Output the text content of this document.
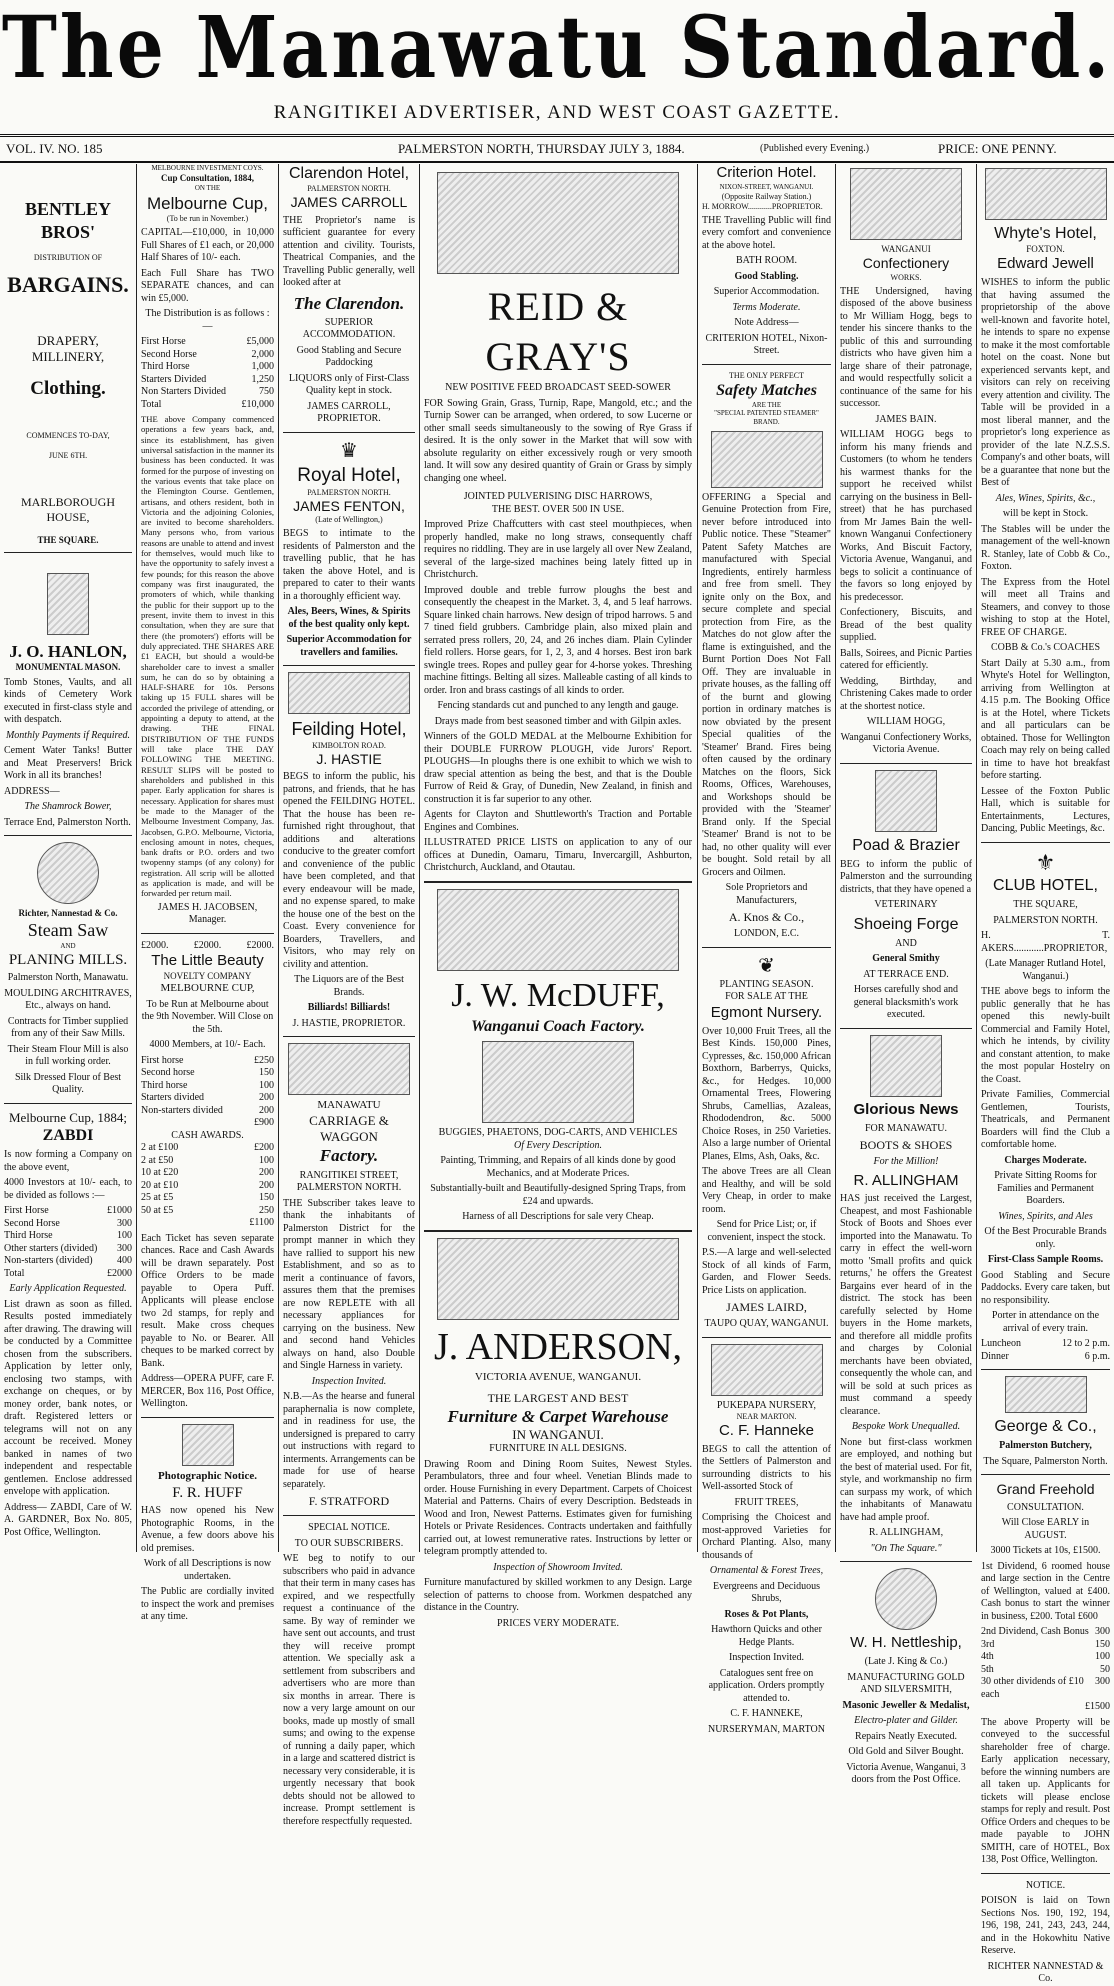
The Manawatu Standard.
RANGITIKEI ADVERTISER, AND WEST COAST GAZETTE.
VOL. IV. NO. 185	PALMERSTON NORTH, THURSDAY JULY 3, 1884.	(Published every Evening.)	PRICE: ONE PENNY.
BENTLEY BROS'
DISTRIBUTION OF
BARGAINS.
DRAPERY, MILLINERY,
Clothing.
COMMENCES TO-DAY,
JUNE 6TH.
MARLBOROUGH HOUSE,
THE SQUARE.
J. O. HANLON,
MONUMENTAL MASON.

Tomb Stones, Vaults, and all kinds of Cemetery Work executed in first-class style and with despatch.

Monthly Payments if Required.

Cement Water Tanks! Butter and Meat Preservers! Brick Work in all its branches!

ADDRESS—

The Shamrock Bower,

Terrace End, Palmerston North.

Richter, Nannestad & Co.
Steam Saw
AND
PLANING MILLS.

Palmerston North, Manawatu.

MOULDING ARCHITRAVES, Etc., always on hand.

Contracts for Timber supplied from any of their Saw Mills.

Their Steam Flour Mill is also in full working order.

Silk Dressed Flour of Best Quality.

Melbourne Cup, 1884;
ZABDI

Is now forming a Company on the above event,

4000 Investors at 10/- each, to be divided as follows :—

First Horse	£1000
Second Horse	300
Third Horse	100
Other starters (divided) 300
Non-starters (divided) 400
Total	£2000

Early Application Requested.

List drawn as soon as filled. Results posted immediately after drawing. The drawing will be conducted by a Committee chosen from the subscribers. Application by letter only, enclosing two stamps, with exchange on cheques, or by money order, bank notes, or draft. Registered letters or telegrams will not on any account be received. Money banked in names of two independent and respectable gentlemen. Enclose addressed envelope with application.

Address— ZABDI, Care of W. A. GARDNER, Box No. 805, Post Office, Wellington.

MELBOURNE INVESTMENT COYS.
Cup Consultation, 1884,
ON THE
Melbourne Cup,
(To be run in November.)

CAPITAL—£10,000, in 10,000 Full Shares of £1 each, or 20,000 Half Shares of 10/- each.

Each Full Share has TWO SEPARATE chances, and can win £5,000.

The Distribution is as follows :—

First Horse	£5,000
Second Horse	2,000
Third Horse	1,000
Starters Divided	1,250
Non Starters Divided	750
Total	£10,000

THE above Company commenced operations a few years back, and, since its establishment, has given universal satisfaction in the manner its business has been conducted. It was formed for the purpose of investing on the various events that take place on the Flemington Course. Gentlemen, artisans, and others resident, both in Victoria and the adjoining Colonies, are invited to become shareholders. Many persons who, from various reasons are unable to attend and invest for themselves, would much like to have the opportunity to safely invest a few pounds; for this reason the above company was first inaugurated, the promoters of which, while thanking the public for their support up to the present, invite them to invest in this consultation, when they are sure that there (the promoters') efforts will be duly appreciated. THE SHARES ARE £1 EACH, but should a would-be shareholder care to invest a smaller sum, he can do so by obtaining a HALF-SHARE for 10s. Persons taking up 15 FULL shares will be accorded the privilege of attending, or appointing a deputy to attend, at the drawing. THE FINAL DISTRIBUTION OF THE FUNDS will take place THE DAY FOLLOWING THE MEETING. RESULT SLIPS will be posted to shareholders and published in this paper. Early application for shares is necessary. Application for shares must be made to the Manager of the Melbourne Investment Company, Jas. Jacobsen, G.P.O. Melbourne, Victoria, enclosing amount in notes, cheques, bank drafts or P.O. orders and two twopenny stamps (of any colony) for registration. All scrip will be allotted as application is made, and will be forwarded per return mail.

JAMES H. JACOBSEN, Manager.

£2000.	£2000.	£2000.
The Little Beauty
NOVELTY COMPANY
MELBOURNE CUP,

To be Run at Melbourne about the 9th November. Will Close on the 5th.

4000 Members, at 10/- Each.

First horse	£250
Second horse	150
Third horse	100
Starters divided	200
Non-starters divided	200
£900
CASH AWARDS.
2 at £100	£200
2 at £50	100
10 at £20	200
20 at £10	200
25 at £5	150
50 at £5	250
£1100

Each Ticket has seven separate chances. Race and Cash Awards will be drawn separately. Post Office Orders to be made payable to Opera Puff. Applicants will please enclose two 2d stamps, for reply and result. Make cross cheques payable to No. or Bearer. All cheques to be marked correct by Bank.

Address—OPERA PUFF, care F. MERCER, Box 116, Post Office, Wellington.

Photographic Notice.
F. R. HUFF

HAS now opened his New Photographic Rooms, in the Avenue, a few doors above his old premises.

Work of all Descriptions is now undertaken.

The Public are cordially invited to inspect the work and premises at any time.

Clarendon Hotel,
PALMERSTON NORTH.
JAMES CARROLL

THE Proprietor's name is sufficient guarantee for every attention and civility. Tourists, Theatrical Companies, and the Travelling Public generally, well looked after at

The Clarendon.

SUPERIOR ACCOMMODATION.

Good Stabling and Secure Paddocking

LIQUORS only of First-Class Quality kept in stock.

JAMES CARROLL, PROPRIETOR.

♛
Royal Hotel,
PALMERSTON NORTH.
JAMES FENTON,
(Late of Wellington,)

BEGS to intimate to the residents of Palmerston and the travelling public, that he has taken the above Hotel, and is prepared to cater to their wants in a thoroughly efficient way.

Ales, Beers, Wines, & Spirits of the best quality only kept.

Superior Accommodation for travellers and families.

Feilding Hotel,
KIMBOLTON ROAD.
J. HASTIE

BEGS to inform the public, his patrons, and friends, that he has opened the FEILDING HOTEL. That the house has been re-furnished right throughout, that additions and alterations conducive to the greater comfort and convenience of the public have been completed, and that every endeavour will be made, and no expense spared, to make the house one of the best on the Coast. Every convenience for Boarders, Travellers, and Visitors, who may rely on civility and attention.

The Liquors are of the Best Brands.

Billiards! Billiards!

J. HASTIE, PROPRIETOR.

MANAWATU
CARRIAGE & WAGGON
Factory.

RANGITIKEI STREET, PALMERSTON NORTH.

THE Subscriber takes leave to thank the inhabitants of Palmerston District for the prompt manner in which they have rallied to support his new Establishment, and so as to merit a continuance of favors, assures them that the premises are now REPLETE with all necessary appliances for carrying on the business. New and second hand Vehicles always on hand, also Double and Single Harness in variety.

Inspection Invited.

N.B.—As the hearse and funeral paraphernalia is now complete, and in readiness for use, the undersigned is prepared to carry out instructions with regard to interments. Arrangements can be made for use of hearse separately.

F. STRATFORD

SPECIAL NOTICE.

TO OUR SUBSCRIBERS.

WE beg to notify to our subscribers who paid in advance that their term in many cases has expired, and we respectfully request a continuance of the same. By way of reminder we have sent out accounts, and trust they will receive prompt attention. We specially ask a settlement from subscribers and advertisers who are more than six months in arrear. There is now a very large amount on our books, made up mostly of small sums; and owing to the expense of running a daily paper, which in a large and scattered district is necessary very considerable, it is urgently necessary that book debts should not be allowed to increase. Prompt settlement is therefore respectfully requested.

REID & GRAY'S
NEW POSITIVE FEED BROADCAST SEED-SOWER

FOR Sowing Grain, Grass, Turnip, Rape, Mangold, etc.; and the Turnip Sower can be arranged, when ordered, to sow Lucerne or other small seeds simultaneously to the sowing of Rye Grass if desired. It is the only sower in the Market that will sow with absolute regularity on either excessively rough or very smooth land. It will sow any desired quantity of Grain or Grass by simply changing one wheel.

JOINTED PULVERISING DISC HARROWS,
THE BEST. OVER 500 IN USE.

Improved Prize Chaffcutters with cast steel mouthpieces, when properly handled, make no long straws, consequently chaff requires no riddling. They are in use largely all over New Zealand, several of the large-sized machines being lately fitted up in Christchurch.

Improved double and treble furrow ploughs the best and consequently the cheapest in the Market. 3, 4, and 5 leaf harrows. Square linked chain harrows. New design of tripod harrows. 5 and 7 tined field grubbers. Cambridge plain, also mixed plain and serrated press rollers, 20, 24, and 26 inches diam. Plain Cylinder field rollers. Horse gears, for 1, 2, 3, and 4 horses. Best iron bark swingle trees. Ropes and pulley gear for 4-horse yokes. Threshing machine fittings. Belting all sizes. Malleable casting of all kinds to order. Iron and brass castings of all kinds to order.

Fencing standards cut and punched to any length and gauge.

Drays made from best seasoned timber and with Gilpin axles.

Winners of the GOLD MEDAL at the Melbourne Exhibition for their DOUBLE FURROW PLOUGH, vide Jurors' Report. PLOUGHS—In ploughs there is one exhibit to which we wish to draw special attention as being the best, and that is the Double Furrow of Reid & Gray, of Dunedin, New Zealand, in finish and construction it is far superior to any other.

Agents for Clayton and Shuttleworth's Traction and Portable Engines and Combines.

ILLUSTRATED PRICE LISTS on application to any of our offices at Dunedin, Oamaru, Timaru, Invercargill, Ashburton, Christchurch, Auckland, and Otautau.

J. W. McDUFF,
Wanganui Coach Factory.
BUGGIES, PHAETONS, DOG-CARTS, AND VEHICLES
Of Every Description.

Painting, Trimming, and Repairs of all kinds done by good Mechanics, and at Moderate Prices.

Substantially-built and Beautifully-designed Spring Traps, from £24 and upwards.

Harness of all Descriptions for sale very Cheap.

J. ANDERSON,
VICTORIA AVENUE, WANGANUI.
THE LARGEST AND BEST
Furniture & Carpet Warehouse
IN WANGANUI.
FURNITURE IN ALL DESIGNS.

Drawing Room and Dining Room Suites, Newest Styles. Perambulators, three and four wheel. Venetian Blinds made to order. House Furnishing in every Department. Carpets of Choicest Material and Patterns. Chairs of every Description. Bedsteads in Wood and Iron, Newest Patterns. Estimates given for furnishing Hotels or Private Residences. Contracts undertaken and faithfully carried out, at lowest remunerative rates. Instructions by letter or telegram promptly attended to.

Inspection of Showroom Invited.

Furniture manufactured by skilled workmen to any Design. Large selection of patterns to choose from. Workmen despatched any distance in the Country.

PRICES VERY MODERATE.

Criterion Hotel.
NIXON-STREET, WANGANUI.
(Opposite Railway Station.)
H. MORROW............PROPRIETOR.

THE Travelling Public will find every comfort and convenience at the above hotel.

BATH ROOM.

Good Stabling.

Superior Accommodation.

Terms Moderate.

Note Address—

CRITERION HOTEL, Nixon-Street.

THE ONLY PERFECT
Safety Matches
ARE THE
"SPECIAL PATENTED STEAMER" BRAND.

OFFERING a Special and Genuine Protection from Fire, never before introduced into Public notice. These "Steamer" Patent Safety Matches are manufactured with Special Ingredients, entirely harmless and free from smell. They ignite only on the Box, and secure complete and special protection from Fire, as the Matches do not glow after the flame is extinguished, and the Burnt Portion Does Not Fall Off. They are invaluable in private houses, as the falling off of the burnt and glowing portion in ordinary matches is now obviated by the present Special qualities of the 'Steamer' Brand. Fires being often caused by the ordinary Matches on the floors, Sick Rooms, Offices, Warehouses, and Workshops should be provided with the 'Steamer' Brand only. If the Special 'Steamer' Brand is not to be had, no other quality will ever be bought. Sold retail by all Grocers and Oilmen.

Sole Proprietors and Manufacturers,

A. Knos & Co.,

LONDON, E.C.

❦
PLANTING SEASON.
FOR SALE AT THE
Egmont Nursery.

Over 10,000 Fruit Trees, all the Best Kinds. 150,000 Pines, Cypresses, &c. 150,000 African Boxthorn, Barberrys, Quicks, &c., for Hedges. 10,000 Ornamental Trees, Flowering Shrubs, Camellias, Azaleas, Rhododendron, &c. 5000 Choice Roses, in 250 Varieties. Also a large number of Oriental Planes, Elms, Ash, Oaks, &c.

The above Trees are all Clean and Healthy, and will be sold Very Cheap, in order to make room.

Send for Price List; or, if convenient, inspect the stock.

P.S.—A large and well-selected Stock of all kinds of Farm, Garden, and Flower Seeds. Price Lists on application.

JAMES LAIRD,

TAUPO QUAY, WANGANUI.

PUKEPAPA NURSERY,
NEAR MARTON.
C. F. Hanneke

BEGS to call the attention of the Settlers of Palmerston and surrounding districts to his Well-assorted Stock of

FRUIT TREES,

Comprising the Choicest and most-approved Varieties for Orchard Planting. Also, many thousands of

Ornamental & Forest Trees,

Evergreens and Deciduous Shrubs,

Roses & Pot Plants,

Hawthorn Quicks and other Hedge Plants.

Inspection Invited.

Catalogues sent free on application. Orders promptly attended to.

C. F. HANNEKE,

NURSERYMAN, MARTON

WANGANUI
Confectionery
WORKS.

THE Undersigned, having disposed of the above business to Mr William Hogg, begs to tender his sincere thanks to the public of this and surrounding districts who have given him a large share of their patronage, and would respectfully solicit a continuance of the same for his successor.

JAMES BAIN.

WILLIAM HOGG begs to inform his many friends and Customers (to whom he tenders his warmest thanks for the support he received whilst carrying on the business in Bell-street) that he has purchased from Mr James Bain the well-known Wanganui Confectionery Works, And Biscuit Factory, Victoria Avenue, Wanganui, and begs to solicit a continuance of the favors so long enjoyed by his predecessor.

Confectionery, Biscuits, and Bread of the best quality supplied.

Balls, Soirees, and Picnic Parties catered for efficiently.

Wedding, Birthday, and Christening Cakes made to order at the shortest notice.

WILLIAM HOGG,

Wanganui Confectionery Works, Victoria Avenue.

Poad & Brazier

BEG to inform the public of Palmerston and the surrounding districts, that they have opened a

VETERINARY

Shoeing Forge

AND

General Smithy

AT TERRACE END.

Horses carefully shod and general blacksmith's work executed.

Glorious News

FOR MANAWATU.

BOOTS & SHOES

For the Million!

R. ALLINGHAM

HAS just received the Largest, Cheapest, and most Fashionable Stock of Boots and Shoes ever imported into the Manawatu. To carry in effect the well-worn motto 'Small profits and quick returns,' he offers the Greatest Bargains ever heard of in the district. The stock has been carefully selected by Home buyers in the Home markets, and therefore all middle profits and charges by Colonial merchants have been obviated, consequently the whole can, and will be sold at such prices as must command a speedy clearance.

Bespoke Work Unequalled.

None but first-class workmen are employed, and nothing but the best of material used. For fit, style, and workmanship no firm can surpass my work, of which the inhabitants of Manawatu have had ample proof.

R. ALLINGHAM,

"On The Square."

W. H. Nettleship,

(Late J. King & Co.)

MANUFACTURING GOLD AND SILVERSMITH,

Masonic Jeweller & Medalist,

Electro-plater and Gilder.

Repairs Neatly Executed.

Old Gold and Silver Bought.

Victoria Avenue, Wanganui, 3 doors from the Post Office.

Whyte's Hotel,
FOXTON.
Edward Jewell

WISHES to inform the public that having assumed the proprietorship of the above well-known and favorite hotel, he intends to spare no expense to make it the most comfortable hotel on the coast. None but experienced servants kept, and visitors can rely on receiving every attention and civility. The Table will be provided in a most liberal manner, and the proprietor's long experience as provider of the late N.Z.S.S. Company's and other boats, will be a guarantee that none but the Best of

Ales, Wines, Spirits, &c.,

will be kept in Stock.

The Stables will be under the management of the well-known R. Stanley, late of Cobb & Co., Foxton.

The Express from the Hotel will meet all Trains and Steamers, and convey to those wishing to stop at the Hotel, FREE OF CHARGE.

COBB & Co.'s COACHES

Start Daily at 5.30 a.m., from Whyte's Hotel for Wellington, arriving from Wellington at 4.15 p.m. The Booking Office is at the Hotel, where Tickets and all particulars can be obtained. Those for Wellington Coach may rely on being called in time to have hot breakfast before starting.

Lessee of the Foxton Public Hall, which is suitable for Entertainments, Lectures, Dancing, Public Meetings, &c.

⚜
CLUB HOTEL,

THE SQUARE,

PALMERSTON NORTH.

H. T. AKERS............PROPRIETOR,

(Late Manager Rutland Hotel, Wanganui.)

THE above begs to inform the public generally that he has opened this newly-built Commercial and Family Hotel, which he intends, by civility and constant attention, to make the most popular Hostelry on the Coast.

Private Families, Commercial Gentlemen, Tourists, Theatricals, and Permanent Boarders will find the Club a comfortable home.

Charges Moderate.

Private Sitting Rooms for Families and Permanent Boarders.

Wines, Spirits, and Ales

Of the Best Procurable Brands only.

First-Class Sample Rooms.

Good Stabling and Secure Paddocks. Every care taken, but no responsibility.

Porter in attendance on the arrival of every train.

Luncheon	12 to 2 p.m.
Dinner	6 p.m.
George & Co.,

Palmerston Butchery,

The Square, Palmerston North.

Grand Freehold

CONSULTATION.

Will Close EARLY in AUGUST.

3000 Tickets at 10s, £1500.

1st Dividend, 6 roomed house and large section in the Centre of Wellington, valued at £400. Cash bonus to start the winner in business, £200. Total £600

2nd Dividend, Cash Bonus 300
3rd	150
4th	100
5th	50
30 other dividends of £10 each
300
£1500

The above Property will be conveyed to the successful shareholder free of charge. Early application necessary, before the winning numbers are all taken up. Applicants for tickets will please enclose stamps for reply and result. Post Office Orders and cheques to be made payable to JOHN SMITH, care of HOTEL, Box 138, Post Office, Wellington.

NOTICE.

POISON is laid on Town Sections Nos. 190, 192, 194, 196, 198, 241, 243, 243, 244, and in the Hokowhitu Native Reserve.

RICHTER NANNESTAD & Co.
